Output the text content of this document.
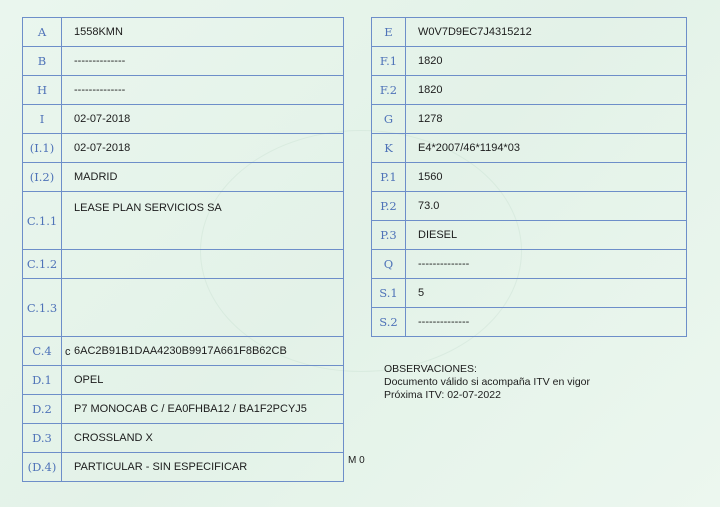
A	1558KMN
B	--------------
H	--------------
I	02-07-2018
(I.1)	02-07-2018
(I.2)	MADRID
C.1.1	LEASE PLAN SERVICIOS SA
C.1.2	
C.1.3	
C.4	6AC2B91B1DAA4230B9917A661F8B62CB
D.1	OPEL
D.2	P7 MONOCAB C / EA0FHBA12 / BA1F2PCYJ5
D.3	CROSSLAND X
(D.4)	PARTICULAR - SIN ESPECIFICAR
c
E	W0V7D9EC7J4315212
F.1	1820
F.2	1820
G	1278
K	E4*2007/46*1194*03
P.1	1560
P.2	73.0
P.3	DIESEL
Q	--------------
S.1	5
S.2	--------------
OBSERVACIONES:
Documento válido si acompaña ITV en vigor
Próxima ITV: 02-07-2022
M 0
